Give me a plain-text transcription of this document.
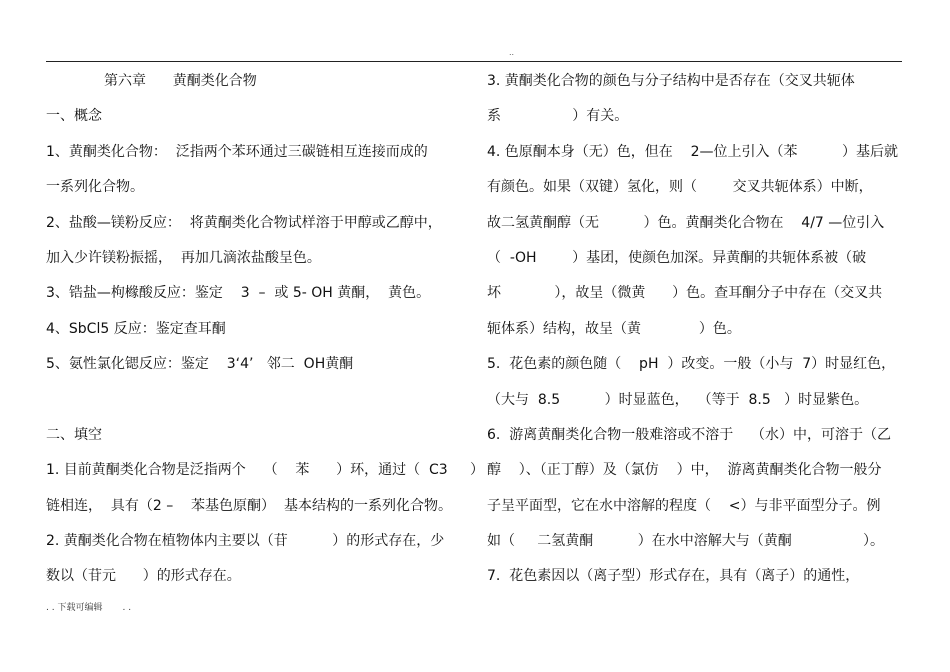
..
第六章      黄酮类化合物
一、概念
1、黄酮类化合物：  泛指两个苯环通过三碳链相互连接而成的
一系列化合物。
2、盐酸—镁粉反应：  将黄酮类化合物试样溶于甲醇或乙醇中，
加入少许镁粉振摇，  再加几滴浓盐酸呈色。
3、锆盐—枸橼酸反应：鉴定    3  –  或 5- OH 黄酮，  黄色。
4、SbCl5 反应：鉴定查耳酮
5、氨性氯化锶反应：鉴定    3‘4’   邻二  OH黄酮
二、填空
1. 目前黄酮类化合物是泛指两个    （    苯      ）环，通过（  C3     ）
链相连，  具有（2 –    苯基色原酮）  基本结构的一系列化合物。
2. 黄酮类化合物在植物体内主要以（苷          ）的形式存在，少
数以（苷元      ）的形式存在。
3. 黄酮类化合物的颜色与分子结构中是否存在（交叉共轭体
系                ）有关。
4. 色原酮本身（无）色，但在    2—位上引入（苯          ）基后就
有颜色。如果（双键）氢化，则（        交叉共轭体系）中断，
故二氢黄酮醇（无          ）色。黄酮类化合物在    4/7 —位引入
（  -OH        ）基团，使颜色加深。异黄酮的共轭体系被（破
坏            ），故呈（微黄      ）色。查耳酮分子中存在（交叉共
轭体系）结构，故呈（黄             ）色。
5.  花色素的颜色随（    pH  ）改变。一般（小与  7）时显红色，
（大与  8.5          ）时显蓝色，  （等于  8.5   ）时显紫色。
6.  游离黄酮类化合物一般难溶或不溶于    （水）中，可溶于（乙
醇    ）、（正丁醇）及（氯仿    ）中，  游离黄酮类化合物一般分
子呈平面型，它在水中溶解的程度（    <）与非平面型分子。例
如（     二氢黄酮          ）在水中溶解大与（黄酮                ）。
7.  花色素因以（离子型）形式存在，具有（离子）的通性，
. . 下载可编辑       . .
